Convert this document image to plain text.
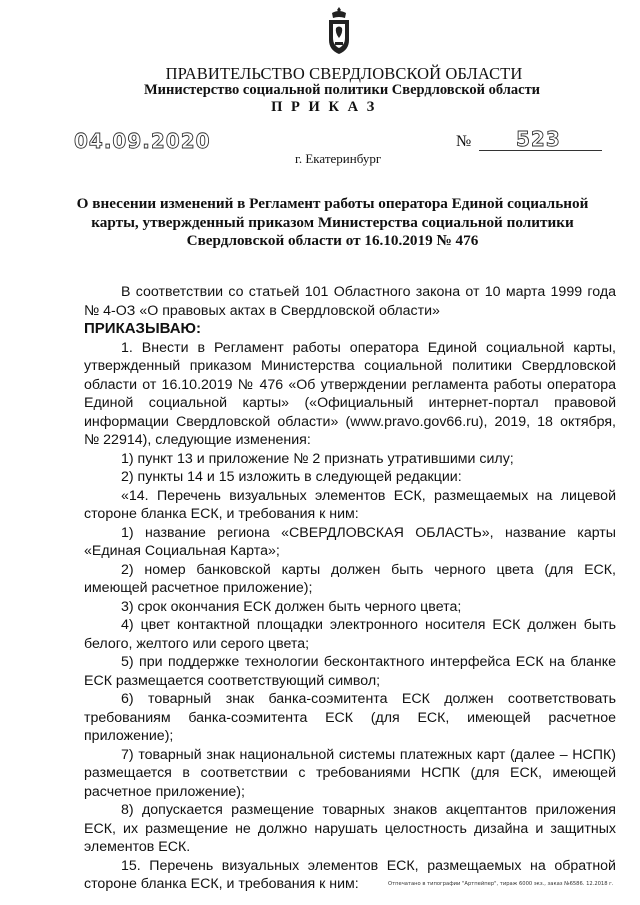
ПРАВИТЕЛЬСТВО СВЕРДЛОВСКОЙ ОБЛАСТИ
Министерство социальной политики Свердловской области
П Р И К А З
04.09.2020	№ 523
г. Екатеринбург
О внесении изменений в Регламент работы оператора Единой социальной карты, утвержденный приказом Министерства социальной политики Свердловской области от 16.10.2019 № 476

В соответствии со статьей 101 Областного закона от 10 марта 1999 года № 4-ОЗ «О правовых актах в Свердловской области»

ПРИКАЗЫВАЮ:

1. Внести в Регламент работы оператора Единой социальной карты, утвержденный приказом Министерства социальной политики Свердловской области от 16.10.2019 № 476 «Об утверждении регламента работы оператора Единой социальной карты» («Официальный интернет-портал правовой информации Свердловской области» (www.pravo.gov66.ru), 2019, 18 октября, № 22914), следующие изменения:

1) пункт 13 и приложение № 2 признать утратившими силу;

2) пункты 14 и 15 изложить в следующей редакции:

«14. Перечень визуальных элементов ЕСК, размещаемых на лицевой стороне бланка ЕСК, и требования к ним:

1) название региона «СВЕРДЛОВСКАЯ ОБЛАСТЬ», название карты «Единая Социальная Карта»;

2) номер банковской карты должен быть черного цвета (для ЕСК, имеющей расчетное приложение);

3) срок окончания ЕСК должен быть черного цвета;

4) цвет контактной площадки электронного носителя ЕСК должен быть белого, желтого или серого цвета;

5) при поддержке технологии бесконтактного интерфейса ЕСК на бланке ЕСК размещается соответствующий символ;

6) товарный знак банка-соэмитента ЕСК должен соответствовать требованиям банка-соэмитента ЕСК (для ЕСК, имеющей расчетное приложение);

7) товарный знак национальной системы платежных карт (далее – НСПК) размещается в соответствии с требованиями НСПК (для ЕСК, имеющей расчетное приложение);

8) допускается размещение товарных знаков акцептантов приложения ЕСК, их размещение не должно нарушать целостность дизайна и защитных элементов ЕСК.

15. Перечень визуальных элементов ЕСК, размещаемых на обратной стороне бланка ЕСК, и требования к ним:	Отпечатано в типографии "Артпейпер", тираж 6000 экз., заказ №6586. 12.2018 г.
